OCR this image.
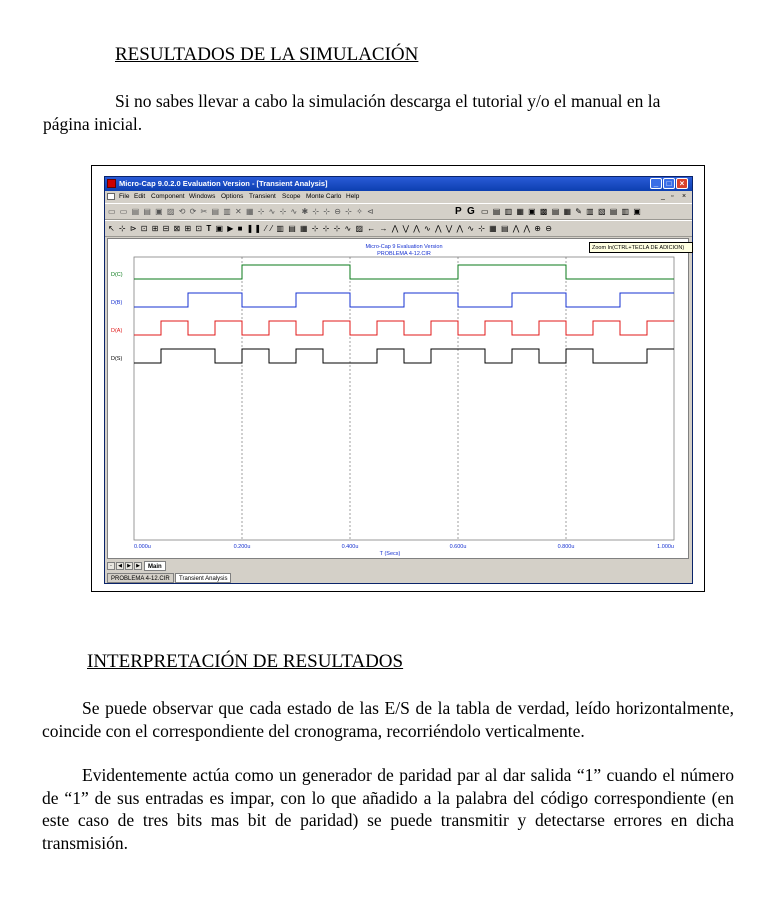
RESULTADOS DE LA SIMULACIÓN
Si no sabes llevar a cabo la simulación descarga el tutorial y/o el manual en la
página inicial.
Micro-Cap 9.0.2.0 Evaluation Version - [Transient Analysis]	_	□	×
File Edit Component Windows Options Transient Scope Monte Carlo Help	_ ▫ ×
▭ ▭ ▤ ▤ ▣ ▨ ⟲ ⟳ ✂ ▤ ▥ ✕ ▦ ⊹ ∿ ⊹ ∿ ✱ ⊹ ⊹ ⊖ ⊹ ✧ ⊲	P G ▭ ▤ ▥ ▦ ▣ ▩ ▤ ▦ ✎ ▥ ▧ ▤ ▥ ▣
↖ ⊹ ⊳ ⊡ ⊞ ⊟ ⊠ ⊞ ⊡ T ▣ ▶ ■ ❚❚ ⁄ ⁄ ▥ ▤ ▦ ⊹ ⊹ ⊹ ∿ ▨ ← → ⋀ ⋁ ⋀ ∿ ⋀ ⋁ ⋀ ∿ ⊹ ▦ ▤ ⋀ ⋀ ⊕ ⊖
Micro-Cap 9 Evaluation Version
PROBLEMA 4-12.CIR
0.000u	0.200u	0.400u	0.600u	0.800u	1.000u
T (Secs)
D(C)
D(B)
D(A)
D(S)
Zoom In(CTRL+TECLA DE ADICION)
-	◀	▶	▶	Main
PROBLEMA 4-12.CIR	Transient Analysis
INTERPRETACIÓN DE RESULTADOS
Se puede observar que cada estado de las E/S de la tabla de verdad, leído horizontalmente, coincide con el correspondiente del cronograma, recorriéndolo verticalmente.
Evidentemente actúa como un generador de paridad par al dar salida “1” cuando el número de “1” de sus entradas es impar, con lo que añadido a la palabra del código correspondiente (en este caso de tres bits mas bit de paridad) se puede transmitir y detectarse errores en dicha transmisión.
